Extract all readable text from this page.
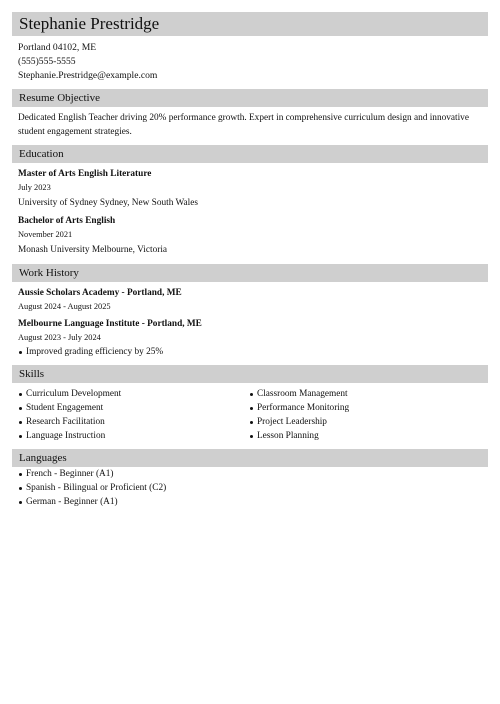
Stephanie Prestridge
Portland 04102, ME
(555)555-5555
Stephanie.Prestridge@example.com
Resume Objective
Dedicated English Teacher driving 20% performance growth. Expert in comprehensive curriculum design and innovative student engagement strategies.
Education
Master of Arts English Literature
July 2023
University of Sydney Sydney, New South Wales
Bachelor of Arts English
November 2021
Monash University Melbourne, Victoria
Work History
Aussie Scholars Academy - Portland, ME
August 2024 - August 2025
Melbourne Language Institute - Portland, ME
August 2023 - July 2024
Improved grading efficiency by 25%
Skills
Curriculum Development
Student Engagement
Research Facilitation
Language Instruction
Classroom Management
Performance Monitoring
Project Leadership
Lesson Planning
Languages
French - Beginner (A1)
Spanish - Bilingual or Proficient (C2)
German - Beginner (A1)
